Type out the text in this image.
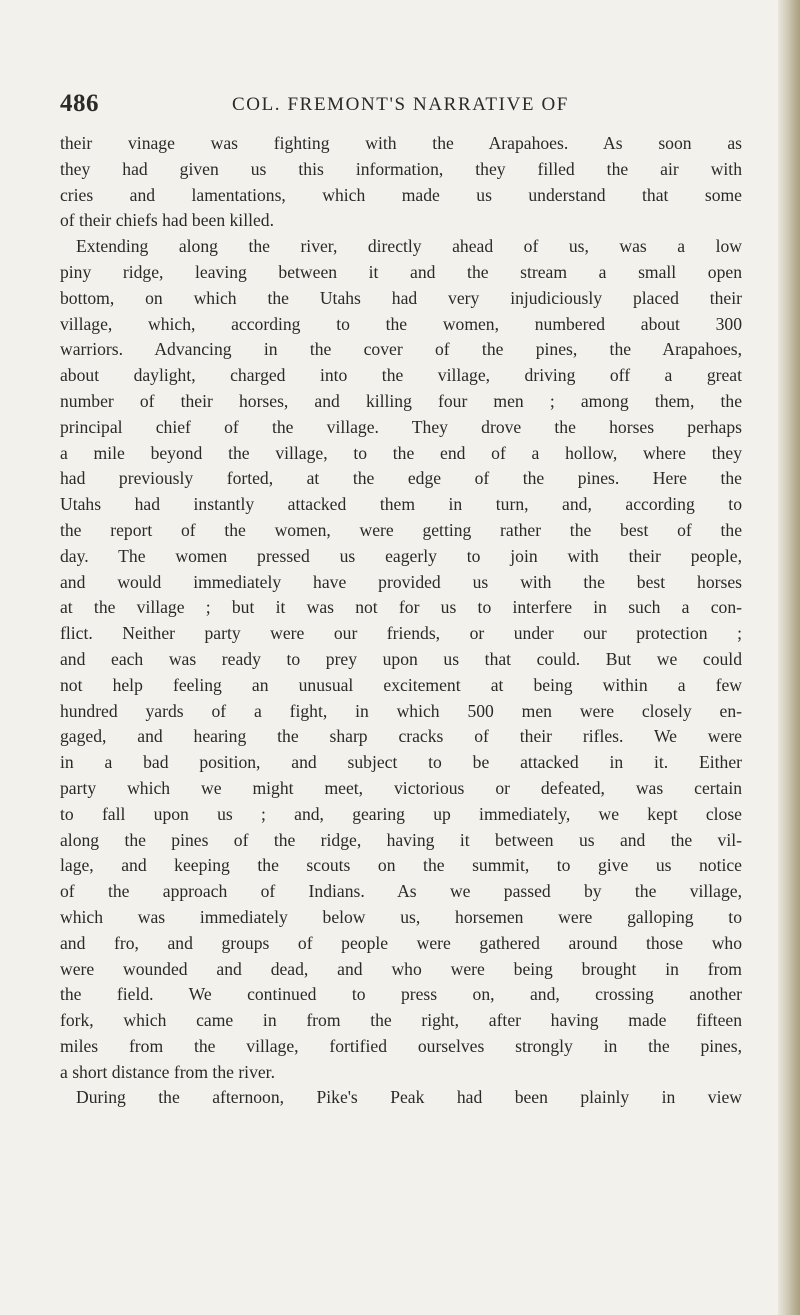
486	COL. FREMONT'S NARRATIVE OF
their vinage was fighting with the Arapahoes. As soon as
they had given us this information, they filled the air with
cries and lamentations, which made us understand that some
of their chiefs had been killed.
Extending along the river, directly ahead of us, was a low
piny ridge, leaving between it and the stream a small open
bottom, on which the Utahs had very injudiciously placed their
village, which, according to the women, numbered about 300
warriors. Advancing in the cover of the pines, the Arapahoes,
about daylight, charged into the village, driving off a great
number of their horses, and killing four men ; among them, the
principal chief of the village. They drove the horses perhaps
a mile beyond the village, to the end of a hollow, where they
had previously forted, at the edge of the pines. Here the
Utahs had instantly attacked them in turn, and, according to
the report of the women, were getting rather the best of the
day. The women pressed us eagerly to join with their people,
and would immediately have provided us with the best horses
at the village ; but it was not for us to interfere in such a con-
flict. Neither party were our friends, or under our protection ;
and each was ready to prey upon us that could. But we could
not help feeling an unusual excitement at being within a few
hundred yards of a fight, in which 500 men were closely en-
gaged, and hearing the sharp cracks of their rifles. We were
in a bad position, and subject to be attacked in it. Either
party which we might meet, victorious or defeated, was certain
to fall upon us ; and, gearing up immediately, we kept close
along the pines of the ridge, having it between us and the vil-
lage, and keeping the scouts on the summit, to give us notice
of the approach of Indians. As we passed by the village,
which was immediately below us, horsemen were galloping to
and fro, and groups of people were gathered around those who
were wounded and dead, and who were being brought in from
the field. We continued to press on, and, crossing another
fork, which came in from the right, after having made fifteen
miles from the village, fortified ourselves strongly in the pines,
a short distance from the river.
During the afternoon, Pike's Peak had been plainly in view
